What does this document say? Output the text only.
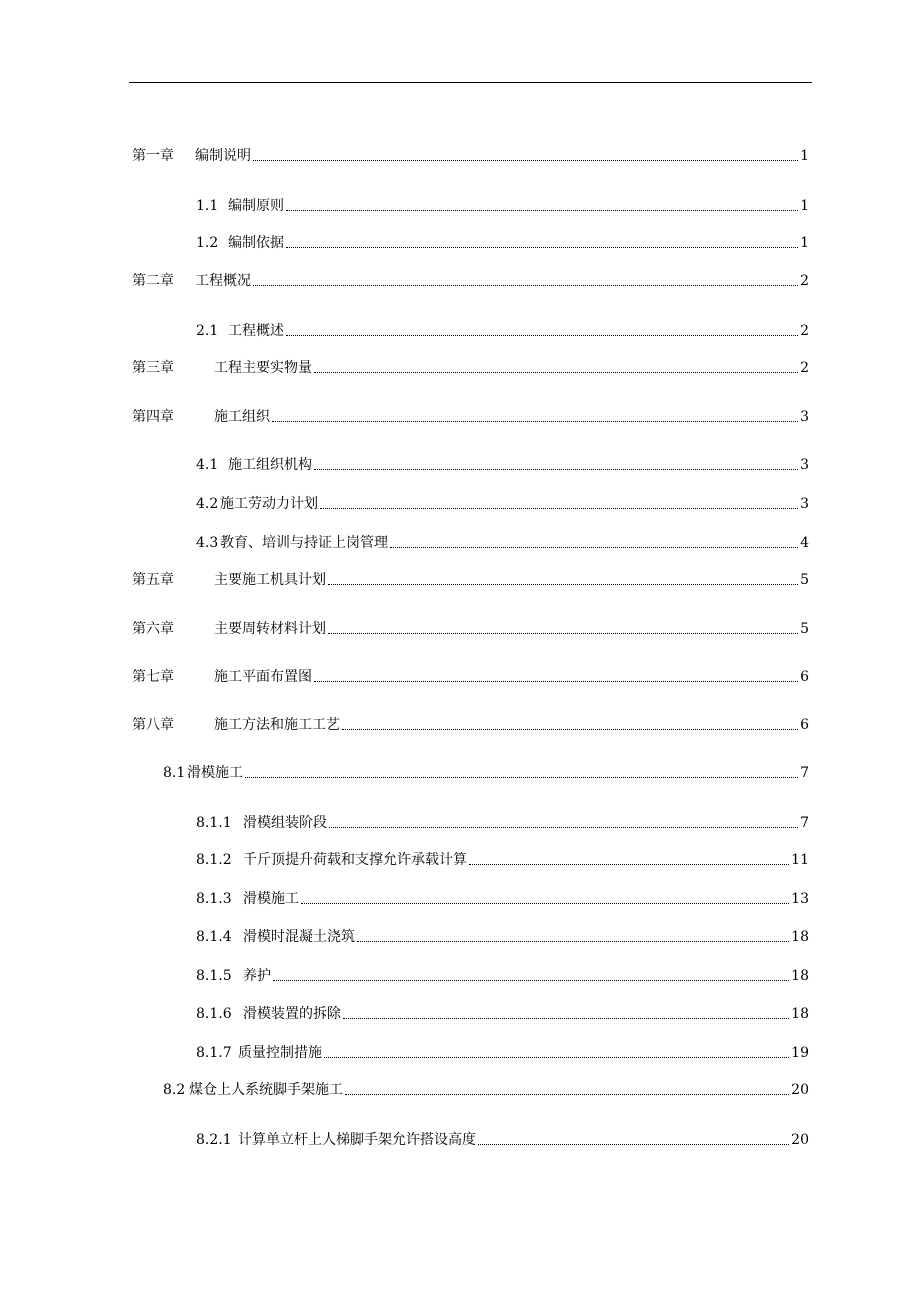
第一章	编制说明	1
1.1 编制原则	1
1.2 编制依据	1
第二章	工程概况	2
2.1 工程概述	2
第三章	工程主要实物量	2
第四章	施工组织	3
4.1 施工组织机构	3
4.2 施工劳动力计划	3
4.3 教育、培训与持证上岗管理	4
第五章	主要施工机具计划	5
第六章	主要周转材料计划	5
第七章	施工平面布置图	6
第八章	施工方法和施工工艺	6
8.1 滑模施工	7
8.1.1 滑模组装阶段	7
8.1.2 千斤顶提升荷载和支撑允许承载计算	11
8.1.3 滑模施工	13
8.1.4 滑模时混凝土浇筑	18
8.1.5 养护	18
8.1.6 滑模装置的拆除	18
8.1.7 质量控制措施	19
8.2 煤仓上人系统脚手架施工	20
8.2.1 计算单立杆上人梯脚手架允许搭设高度	20
